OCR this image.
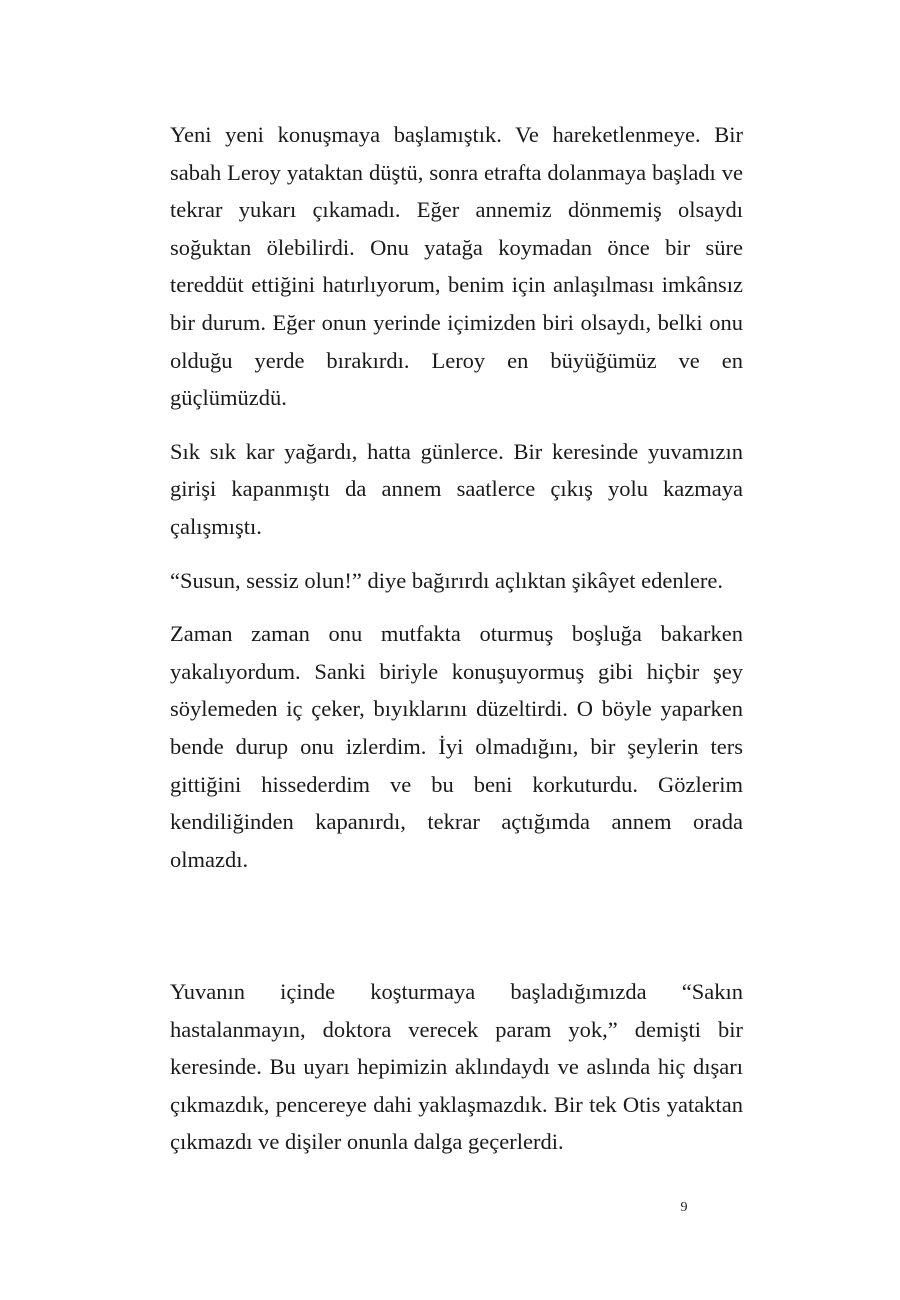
Yeni yeni konuşmaya başlamıştık. Ve hareketlenmeye. Bir sabah Leroy yataktan düştü, sonra etrafta dolanmaya başladı ve tekrar yukarı çıkamadı. Eğer annemiz dönmemiş olsaydı soğuktan ölebilirdi. Onu yatağa koymadan önce bir süre tereddüt ettiğini hatırlıyorum, benim için anlaşılması imkânsız bir durum. Eğer onun yerinde içimizden biri olsaydı, belki onu olduğu yerde bırakırdı. Leroy en büyüğümüz ve en güçlümüzdü.

Sık sık kar yağardı, hatta günlerce. Bir keresinde yuvamızın girişi kapanmıştı da annem saatlerce çıkış yolu kazmaya çalışmıştı.

“Susun, sessiz olun!” diye bağırırdı açlıktan şikâyet edenlere.

Zaman zaman onu mutfakta oturmuş boşluğa bakarken yakalıyordum. Sanki biriyle konuşuyormuş gibi hiçbir şey söylemeden iç çeker, bıyıklarını düzeltirdi. O böyle yaparken bende durup onu izlerdim. İyi olmadığını, bir şeylerin ters gittiğini hissederdim ve bu beni korkuturdu. Gözlerim kendiliğinden kapanırdı, tekrar açtığımda annem orada olmazdı.

Yuvanın içinde koşturmaya başladığımızda “Sakın hastalanmayın, doktora verecek param yok,” demişti bir keresinde. Bu uyarı hepimizin aklındaydı ve aslında hiç dışarı çıkmazdık, pencereye dahi yaklaşmazdık. Bir tek Otis yataktan çıkmazdı ve dişiler onunla dalga geçerlerdi.

9
